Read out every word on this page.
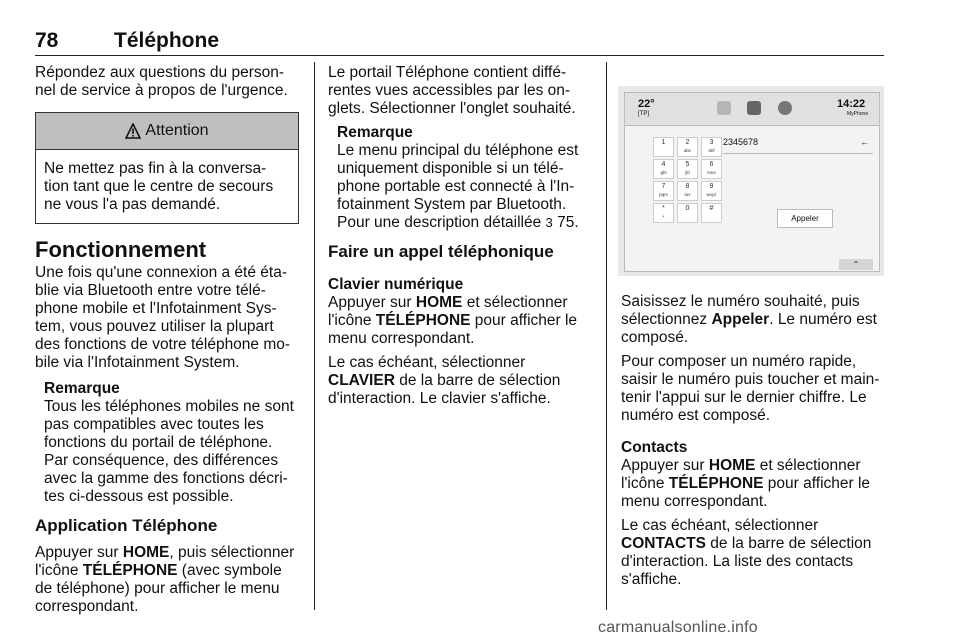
78	Téléphone

Répondez aux questions du person- nel de service à propos de l'urgence.

Attention
Ne mettez pas fin à la conversa- tion tant que le centre de secours ne vous l'a pas demandé.
Fonctionnement

Une fois qu'une connexion a été éta- blie via Bluetooth entre votre télé- phone mobile et l'Infotainment Sys- tem, vous pouvez utiliser la plupart des fonctions de votre téléphone mo- bile via l'Infotainment System.

Remarque
Tous les téléphones mobiles ne sont pas compatibles avec toutes les fonctions du portail de téléphone. Par conséquence, des différences avec la gamme des fonctions décri- tes ci-dessous est possible.
Application Téléphone

Appuyer sur HOME, puis sélectionner l'icône TÉLÉPHONE (avec symbole de téléphone) pour afficher le menu correspondant.

Le portail Téléphone contient diffé- rentes vues accessibles par les on- glets. Sélectionner l'onglet souhaité.

Remarque
Le menu principal du téléphone est uniquement disponible si un télé- phone portable est connecté à l'In- fotainment System par Bluetooth. Pour une description détaillée 3 75.
Faire un appel téléphonique
Clavier numérique

Appuyer sur HOME et sélectionner l'icône TÉLÉPHONE pour afficher le menu correspondant.

Le cas échéant, sélectionner CLAVIER de la barre de sélection d'interaction. Le clavier s'affiche.

22°
[TP]
14:22
MyPhone
1	2
abc
3
def
4
ghi
5
jkl
6
mno
7
pqrs
8
tuv
9
wxyz
*
+
0	#
2345678	←
Appeler
⌃

Saisissez le numéro souhaité, puis sélectionnez Appeler. Le numéro est composé.

Pour composer un numéro rapide, saisir le numéro puis toucher et main- tenir l'appui sur le dernier chiffre. Le numéro est composé.

Contacts

Appuyer sur HOME et sélectionner l'icône TÉLÉPHONE pour afficher le menu correspondant.

Le cas échéant, sélectionner CONTACTS de la barre de sélection d'interaction. La liste des contacts s'affiche.

carmanualsonline.info
